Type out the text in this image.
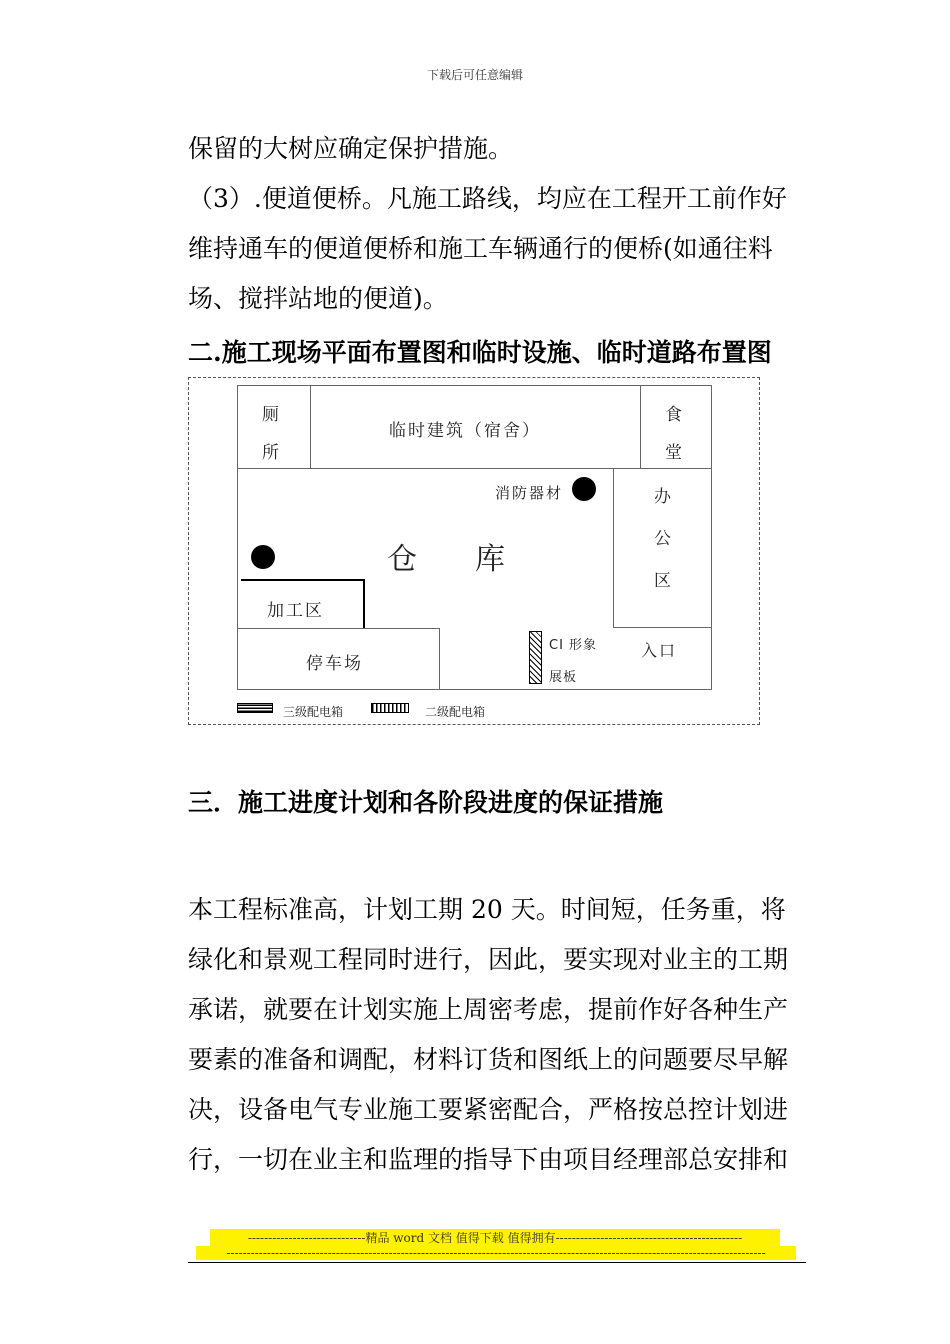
下载后可任意编辑
保留的大树应确定保护措施。
（3）.便道便桥。凡施工路线，均应在工程开工前作好
维持通车的便道便桥和施工车辆通行的便桥(如通往料
场、搅拌站地的便道)。
二.施工现场平面布置图和临时设施、临时道路布置图
厕
所
临时建筑（宿舍）
食
堂
办
公
区
消防器材
仓 库
加工区
停车场
CI 形象
展板
入口
三级配电箱	二级配电箱
三．施工进度计划和各阶段进度的保证措施
本工程标准高，计划工期 20 天。时间短，任务重，将
绿化和景观工程同时进行，因此，要实现对业主的工期
承诺，就要在计划实施上周密考虑，提前作好各种生产
要素的准备和调配，材料订货和图纸上的问题要尽早解
决，设备电气专业施工要紧密配合，严格按总控计划进
行，一切在业主和监理的指导下由项目经理部总安排和
-----------------------------精品 word 文档 值得下载 值得拥有----------------------------------------------
-------------------------------------------------------------------------------------------------------------------------------------
